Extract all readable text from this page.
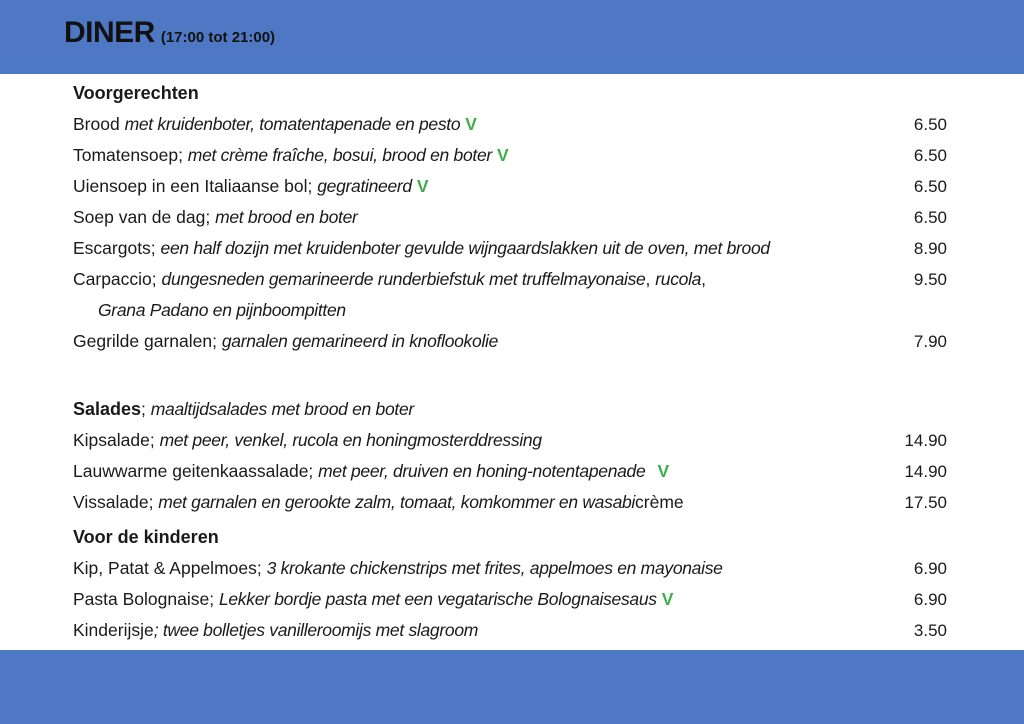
DINER (17:00 tot 21:00)
Voorgerechten
Brood met kruidenboter, tomatentapenade en pesto V	6.50
Tomatensoep; met crème fraîche, bosui, brood en boter V	6.50
Uiensoep in een Italiaanse bol; gegratineerd V	6.50
Soep van de dag; met brood en boter	6.50
Escargots; een half dozijn met kruidenboter gevulde wijngaardslakken uit de oven, met brood	8.90
Carpaccio; dungesneden gemarineerde runderbiefstuk met truffelmayonaise, rucola,	9.50
Grana Padano en pijnboompitten
Gegrilde garnalen; garnalen gemarineerd in knoflookolie	7.90
Salades; maaltijdsalades met brood en boter
Kipsalade; met peer, venkel, rucola en honingmosterddressing	14.90
Lauwwarme geitenkaassalade; met peer, druiven en honing-notentapenade V	14.90
Vissalade; met garnalen en gerookte zalm, tomaat, komkommer en wasabicrème	17.50
Voor de kinderen
Kip, Patat & Appelmoes; 3 krokante chickenstrips met frites, appelmoes en mayonaise	6.90
Pasta Bolognaise; Lekker bordje pasta met een vegatarische Bolognaisesaus V	6.90
Kinderijsje; twee bolletjes vanilleroomijs met slagroom	3.50
